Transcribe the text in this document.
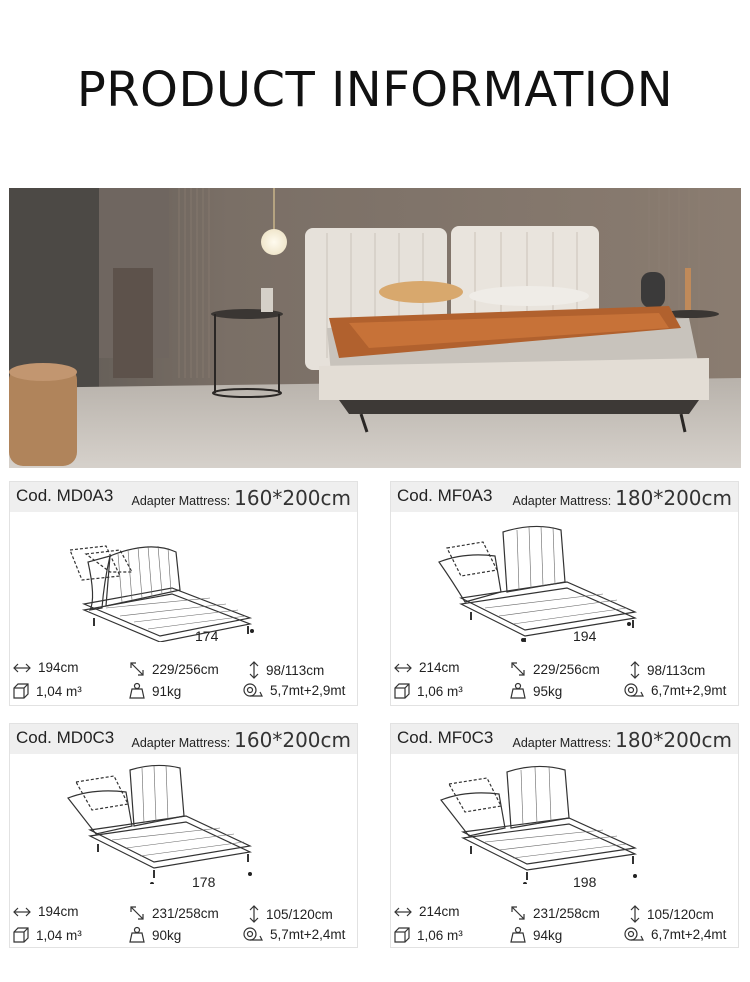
PRODUCT INFORMATION
Cod. MD0A3 Adapter Mattress: 160*200cm
174
194cm	229/256cm	98/113cm
1,04 m³	91kg	5,7mt+2,9mt
Cod. MF0A3 Adapter Mattress: 180*200cm
194
214cm	229/256cm	98/113cm
1,06 m³	95kg	6,7mt+2,9mt
Cod. MD0C3 Adapter Mattress: 160*200cm
178
194cm	231/258cm	105/120cm
1,04 m³	90kg	5,7mt+2,4mt
Cod. MF0C3 Adapter Mattress: 180*200cm
198
214cm	231/258cm	105/120cm
1,06 m³	94kg	6,7mt+2,4mt
